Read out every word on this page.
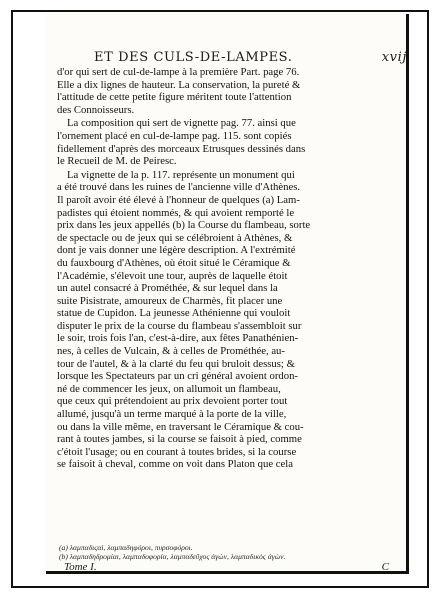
ET DES CULS-DE-LAMPES.	xvij
d'or qui sert de cul-de-lampe à la première Part. page 76.
Elle a dix lignes de hauteur. La conservation, la pureté &
l'attitude de cette petite figure méritent toute l'attention
des Connoisseurs.
La composition qui sert de vignette pag. 77. ainsi que
l'ornement placé en cul-de-lampe pag. 115. sont copiés
fidellement d'après des morceaux Etrusques dessinés dans
le Recueil de M. de Peiresc.
La vignette de la p. 117. représente un monument qui
a été trouvé dans les ruines de l'ancienne ville d'Athènes.
Il paroît avoir été élevé à l'honneur de quelques (a) Lam-
padistes qui étoient nommés, & qui avoient remporté le
prix dans les jeux appellés (b) la Course du flambeau, sorte
de spectacle ou de jeux qui se célébroient à Athènes, &
dont je vais donner une légère description. A l'extrémité
du fauxbourg d'Athènes, où étoit situé le Céramique &
l'Académie, s'élevoit une tour, auprès de laquelle étoit
un autel consacré à Prométhée, & sur lequel dans la
suite Pisistrate, amoureux de Charmès, fit placer une
statue de Cupidon. La jeunesse Athénienne qui vouloit
disputer le prix de la course du flambeau s'assembloit sur
le soir, trois fois l'an, c'est-à-dire, aux fêtes Panathénien-
nes, à celles de Vulcain, & à celles de Prométhée, au-
tour de l'autel, & à la clarté du feu qui bruloit dessus; &
lorsque les Spectateurs par un cri général avoient ordon-
né de commencer les jeux, on allumoit un flambeau,
que ceux qui prétendoient au prix devoient porter tout
allumé, jusqu'à un terme marqué à la porte de la ville,
ou dans la ville même, en traversant le Céramique & cou-
rant à toutes jambes, si la course se faisoit à pied, comme
c'étoit l'usage; ou en courant à toutes brides, si la course
se faisoit à cheval, comme on voit dans Platon que cela
(a) λαμπαδιςαὶ, λαμπαδηφόροι, πυρσοφόροι.
(b) λαμπαδηδρομίαι, λαμπαδοφορία, λαμπαδεῦχος ἀγὼν, λαμπαδικὸς ἀγὼν.
Tome I.	C
